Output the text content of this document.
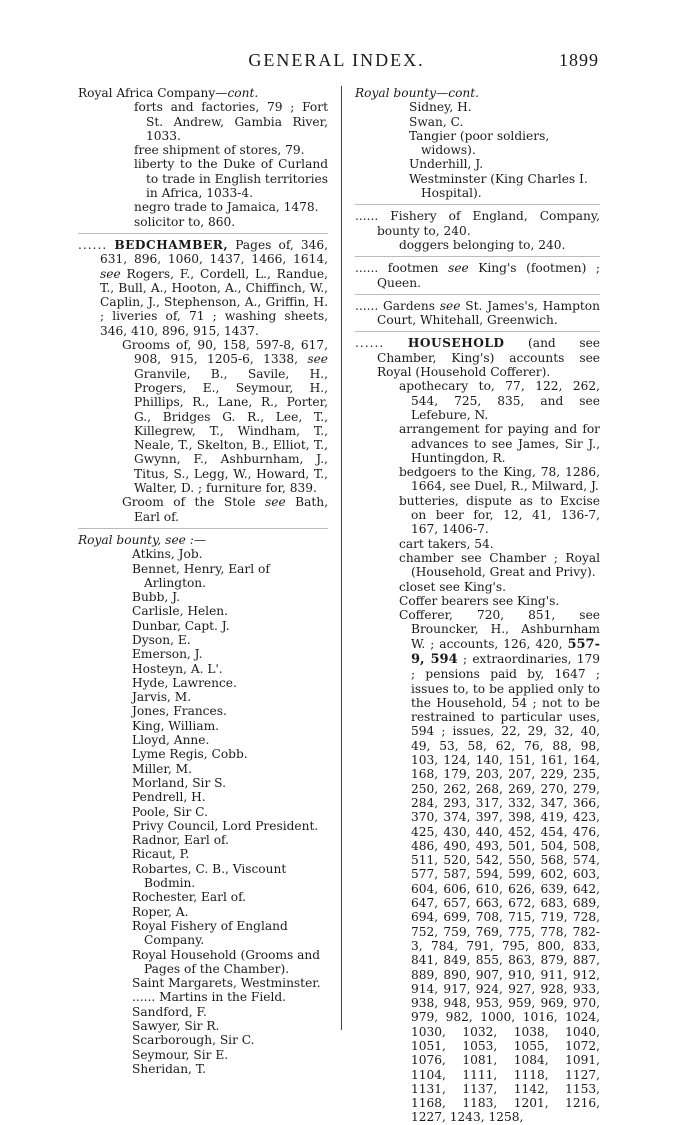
GENERAL INDEX.	1899

Royal Africa Company—cont.

forts and factories, 79 ; Fort St. Andrew, Gambia River, 1033.

free shipment of stores, 79.

liberty to the Duke of Curland to trade in English territories in Africa, 1033-4.

negro trade to Jamaica, 1478.

solicitor to, 860.

...... BEDCHAMBER, Pages of, 346, 631, 896, 1060, 1437, 1466, 1614, see Rogers, F., Cordell, L., Randue, T., Bull, A., Hooton, A., Chiffinch, W., Caplin, J., Stephenson, A., Griffin, H. ; liveries of, 71 ; washing sheets, 346, 410, 896, 915, 1437.

Grooms of, 90, 158, 597-8, 617, 908, 915, 1205-6, 1338, see Granvile, B., Savile, H., Progers, E., Seymour, H., Phillips, R., Lane, R., Porter, G., Bridges G. R., Lee, T., Killegrew, T., Windham, T., Neale, T., Skelton, B., Elliot, T., Gwynn, F., Ashburnham, J., Titus, S., Legg, W., Howard, T., Walter, D. ; furniture for, 839.

Groom of the Stole see Bath, Earl of.

Royal bounty, see :—

Atkins, Job.

Bennet, Henry, Earl of Arlington.

Bubb, J.

Carlisle, Helen.

Dunbar, Capt. J.

Dyson, E.

Emerson, J.

Hosteyn, A. L'.

Hyde, Lawrence.

Jarvis, M.

Jones, Frances.

King, William.

Lloyd, Anne.

Lyme Regis, Cobb.

Miller, M.

Morland, Sir S.

Pendrell, H.

Poole, Sir C.

Privy Council, Lord President.

Radnor, Earl of.

Ricaut, P.

Robartes, C. B., Viscount Bodmin.

Rochester, Earl of.

Roper, A.

Royal Fishery of England Company.

Royal Household (Grooms and Pages of the Chamber).

Saint Margarets, Westminster.

...... Martins in the Field.

Sandford, F.

Sawyer, Sir R.

Scarborough, Sir C.

Seymour, Sir E.

Sheridan, T.

Royal bounty—cont.

Sidney, H.

Swan, C.

Tangier (poor soldiers, widows).

Underhill, J.

Westminster (King Charles I. Hospital).

...... Fishery of England, Company, bounty to, 240.

doggers belonging to, 240.

...... footmen see King's (footmen) ; Queen.

...... Gardens see St. James's, Hampton Court, Whitehall, Greenwich.

...... HOUSEHOLD (and see Chamber, King's) accounts see Royal (Household Cofferer).

apothecary to, 77, 122, 262, 544, 725, 835, and see Lefebure, N.

arrangement for paying and for advances to see James, Sir J., Huntingdon, R.

bedgoers to the King, 78, 1286, 1664, see Duel, R., Milward, J.

butteries, dispute as to Excise on beer for, 12, 41, 136-7, 167, 1406-7.

cart takers, 54.

chamber see Chamber ; Royal (Household, Great and Privy).

closet see King's.

Coffer bearers see King's.

Cofferer, 720, 851, see Brouncker, H., Ashburnham W. ; accounts, 126, 420, 557-9, 594 ; extraordinaries, 179 ; pensions paid by, 1647 ; issues to, to be applied only to the Household, 54 ; not to be restrained to particular uses, 594 ; issues, 22, 29, 32, 40, 49, 53, 58, 62, 76, 88, 98, 103, 124, 140, 151, 161, 164, 168, 179, 203, 207, 229, 235, 250, 262, 268, 269, 270, 279, 284, 293, 317, 332, 347, 366, 370, 374, 397, 398, 419, 423, 425, 430, 440, 452, 454, 476, 486, 490, 493, 501, 504, 508, 511, 520, 542, 550, 568, 574, 577, 587, 594, 599, 602, 603, 604, 606, 610, 626, 639, 642, 647, 657, 663, 672, 683, 689, 694, 699, 708, 715, 719, 728, 752, 759, 769, 775, 778, 782-3, 784, 791, 795, 800, 833, 841, 849, 855, 863, 879, 887, 889, 890, 907, 910, 911, 912, 914, 917, 924, 927, 928, 933, 938, 948, 953, 959, 969, 970, 979, 982, 1000, 1016, 1024, 1030, 1032, 1038, 1040, 1051, 1053, 1055, 1072, 1076, 1081, 1084, 1091, 1104, 1111, 1118, 1127, 1131, 1137, 1142, 1153, 1168, 1183, 1201, 1216, 1227, 1243, 1258,
